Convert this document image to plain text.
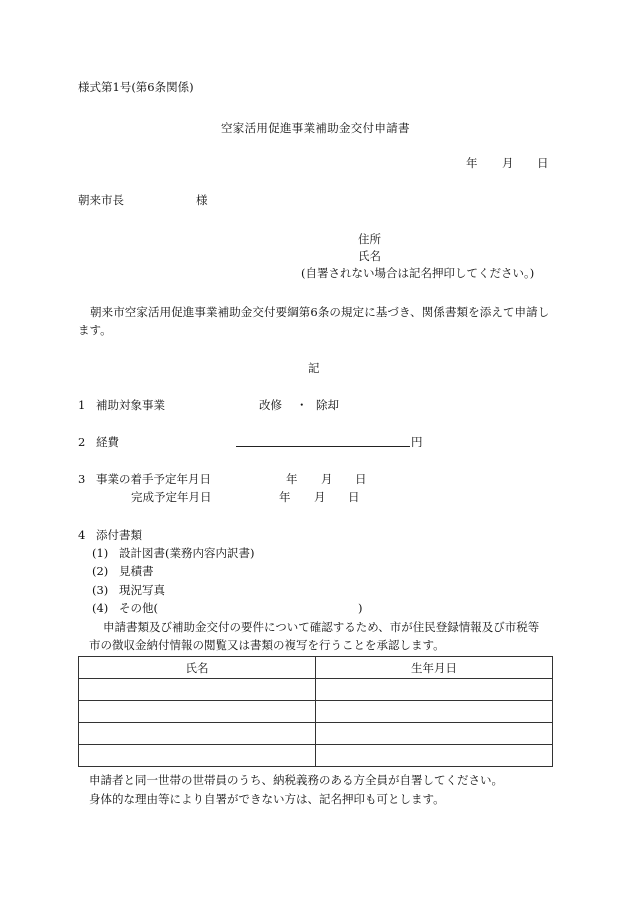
様式第1号(第6条関係)
空家活用促進事業補助金交付申請書
年 月 日
朝来市長	様
住所
氏名
(自署されない場合は記名押印してください。)
朝来市空家活用促進事業補助金交付要綱第6条の規定に基づき、関係書類を添えて申請し
ます。
記
1 補助対象事業	改修 ・ 除却
2 経費	円
3 事業の着手予定年月日	年 月 日
完成予定年月日	年 月 日
4 添付書類
(1) 設計図書(業務内容内訳書)
(2) 見積書
(3) 現況写真
(4) その他(	)
申請書類及び補助金交付の要件について確認するため、市が住民登録情報及び市税等
市の徴収金納付情報の閲覧又は書類の複写を行うことを承認します。
氏名	生年月日

申請者と同一世帯の世帯員のうち、納税義務のある方全員が自署してください。
身体的な理由等により自署ができない方は、記名押印も可とします。
